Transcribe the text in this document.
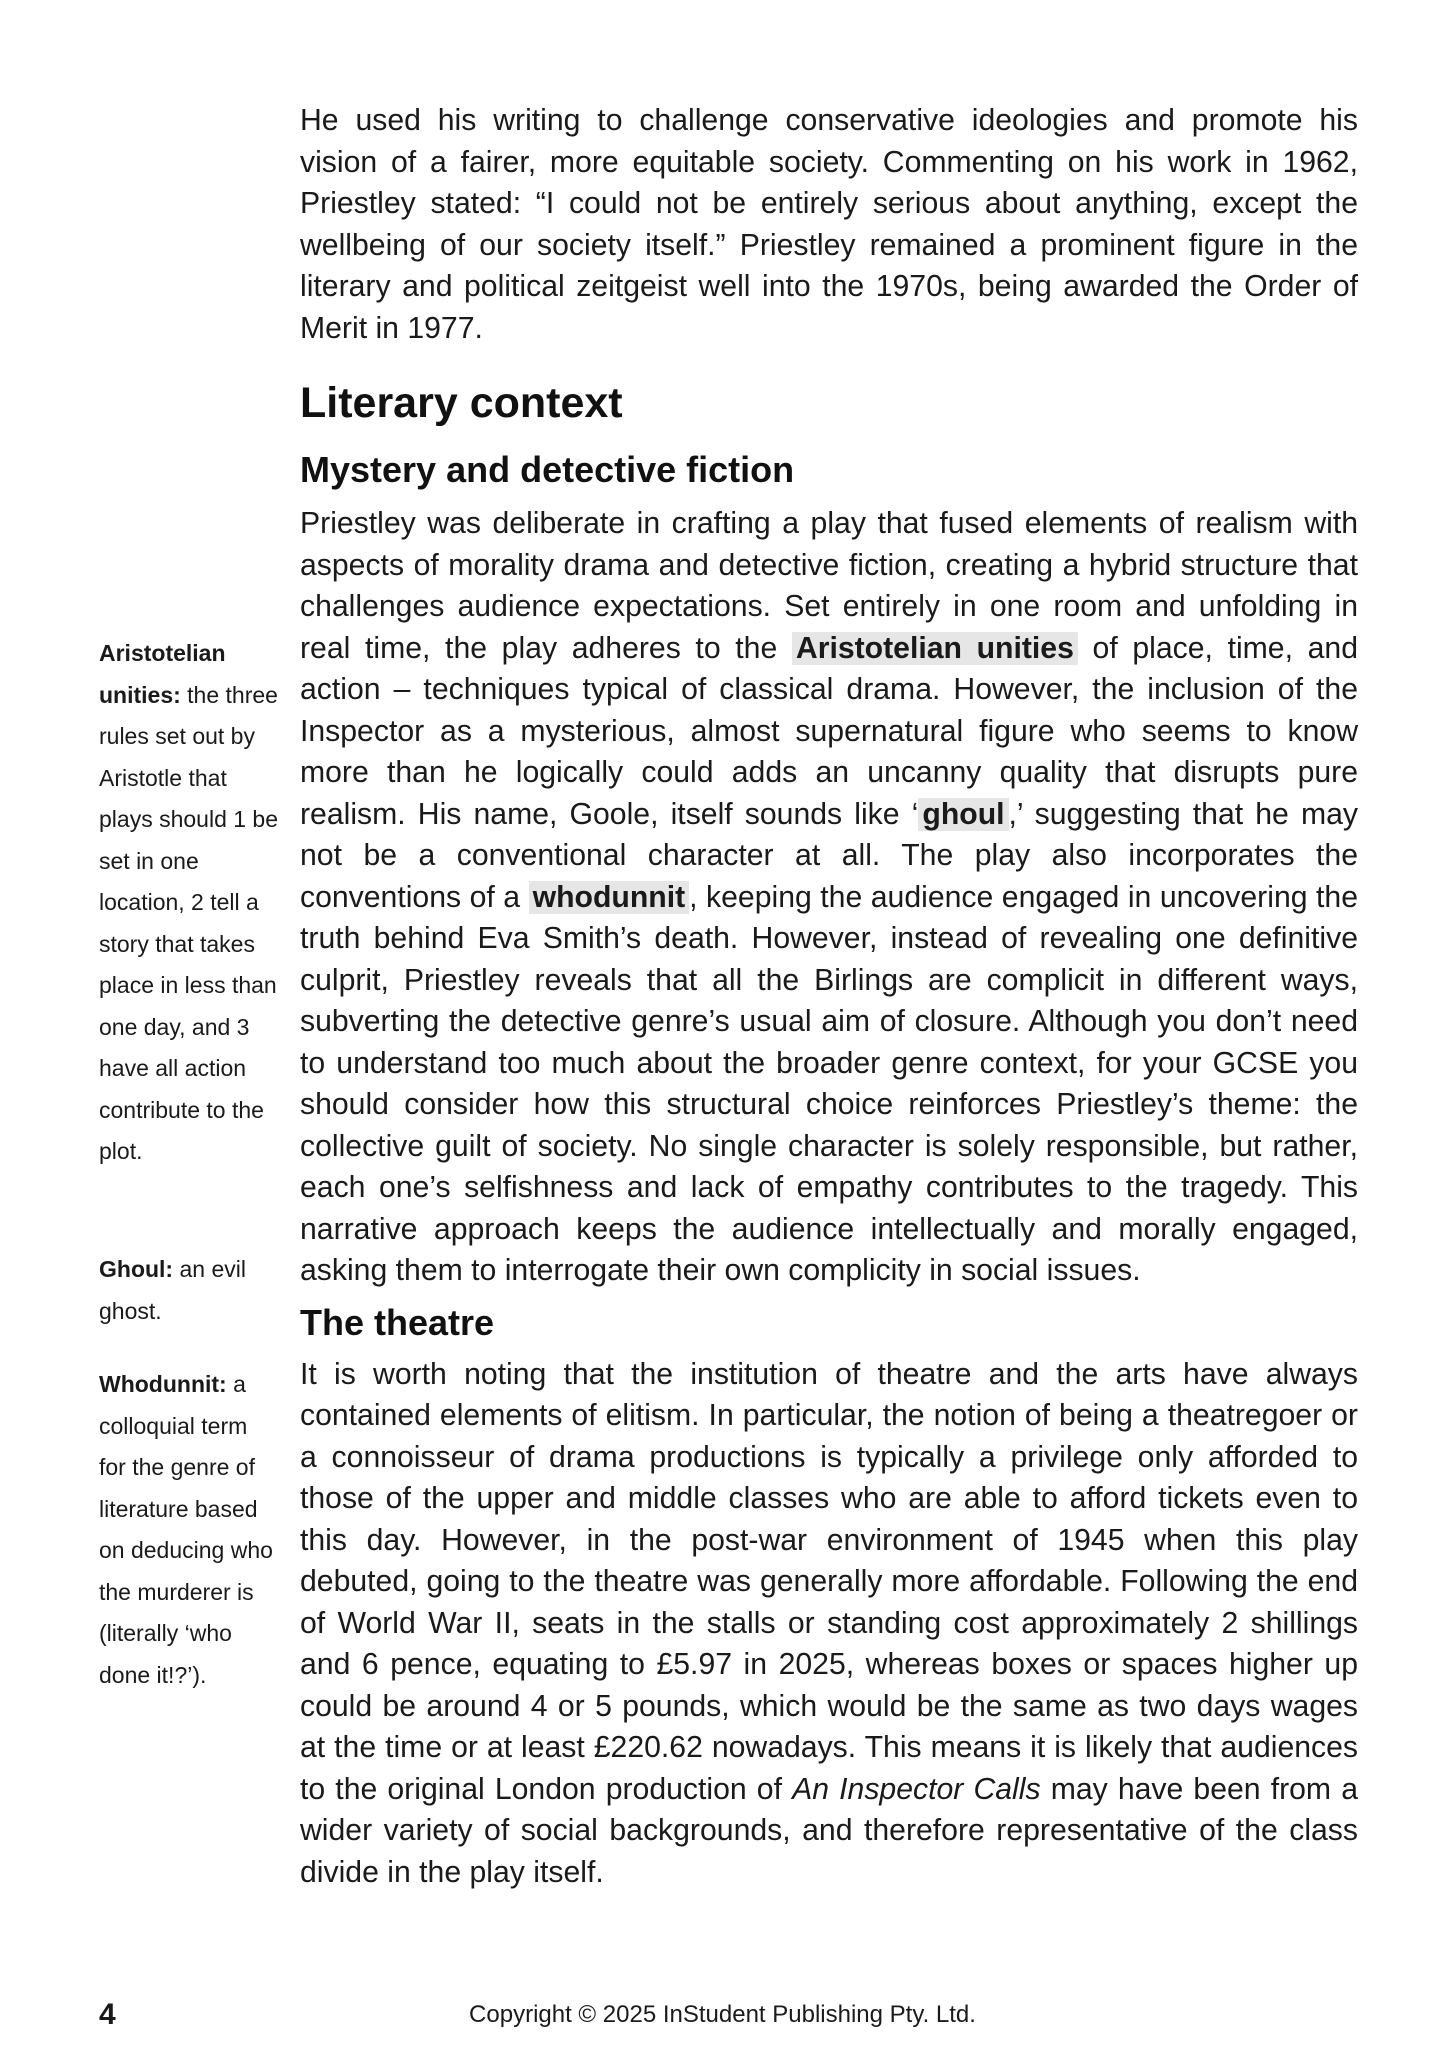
He used his writing to challenge conservative ideologies and promote his vision of a fairer, more equitable society. Commenting on his work in 1962, Priestley stated: “I could not be entirely serious about anything, except the wellbeing of our society itself.” Priestley remained a prominent figure in the literary and political zeitgeist well into the 1970s, being awarded the Order of Merit in 1977.

Literary context
Mystery and detective fiction

Priestley was deliberate in crafting a play that fused elements of realism with aspects of morality drama and detective fiction, creating a hybrid structure that challenges audience expectations. Set entirely in one room and unfolding in real time, the play adheres to the Aristotelian unities of place, time, and action – techniques typical of classical drama. However, the inclusion of the Inspector as a mysterious, almost supernatural figure who seems to know more than he logically could adds an uncanny quality that disrupts pure realism. His name, Goole, itself sounds like ‘ ghoul ,’ suggesting that he may not be a conventional character at all. The play also incorporates the conventions of a whodunnit , keeping the audience engaged in uncovering the truth behind Eva Smith’s death. However, instead of revealing one definitive culprit, Priestley reveals that all the Birlings are complicit in different ways, subverting the detective genre’s usual aim of closure. Although you don’t need to understand too much about the broader genre context, for your GCSE you should consider how this structural choice reinforces Priestley’s theme: the collective guilt of society. No single character is solely responsible, but rather, each one’s selfishness and lack of empathy contributes to the tragedy. This narrative approach keeps the audience intellectually and morally engaged, asking them to interrogate their own complicity in social issues.

The theatre

It is worth noting that the institution of theatre and the arts have always contained elements of elitism. In particular, the notion of being a theatregoer or a connoisseur of drama productions is typically a privilege only afforded to those of the upper and middle classes who are able to afford tickets even to this day. However, in the post-war environment of 1945 when this play debuted, going to the theatre was generally more affordable. Following the end of World War II, seats in the stalls or standing cost approximately 2 shillings and 6 pence, equating to £5.97 in 2025, whereas boxes or spaces higher up could be around 4 or 5 pounds, which would be the same as two days wages at the time or at least £220.62 nowadays. This means it is likely that audiences to the original London production of An Inspector Calls may have been from a wider variety of social backgrounds, and therefore representative of the class divide in the play itself.

Aristotelian unities: the three rules set out by Aristotle that plays should 1 be set in one location, 2 tell a story that takes place in less than one day, and 3 have all action contribute to the plot.
Ghoul: an evil ghost.
Whodunnit: a colloquial term for the genre of literature based on deducing who the murderer is (literally ‘who done it!?’).
4	Copyright © 2025 InStudent Publishing Pty. Ltd.
